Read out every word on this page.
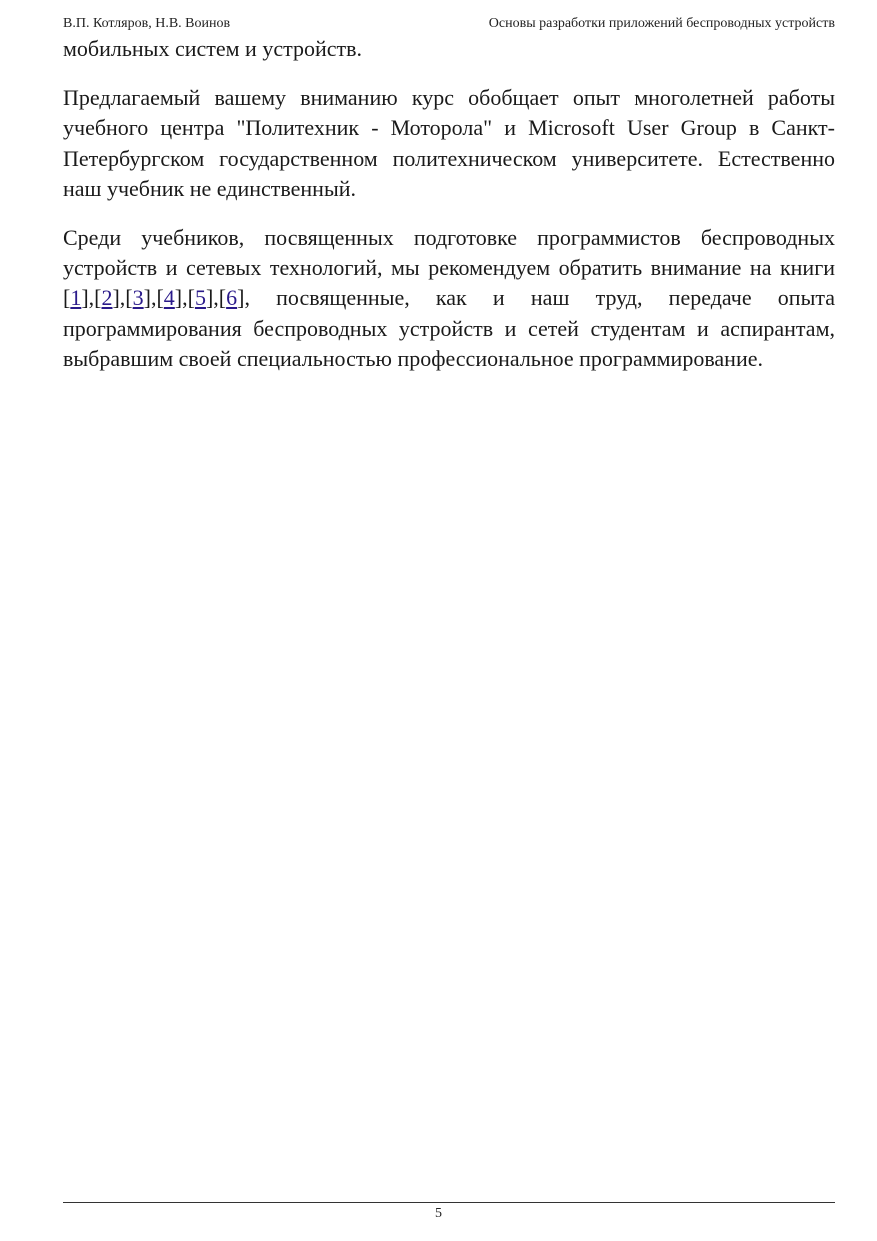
В.П. Котляров, Н.В. Воинов	Основы разработки приложений беспроводных устройств

мобильных систем и устройств.

Предлагаемый вашему вниманию курс обобщает опыт многолетней работы учебного центра "Политехник - Моторола" и Microsoft User Group в Санкт-Петербургском государственном политехническом университете. Естественно наш учебник не единственный.

Среди учебников, посвященных подготовке программистов беспроводных устройств и сетевых технологий, мы рекомендуем обратить внимание на книги [1],[2],[3],[4],[5],[6], посвященные, как и наш труд, передаче опыта программирования беспроводных устройств и сетей студентам и аспирантам, выбравшим своей специальностью профессиональное программирование.

5
